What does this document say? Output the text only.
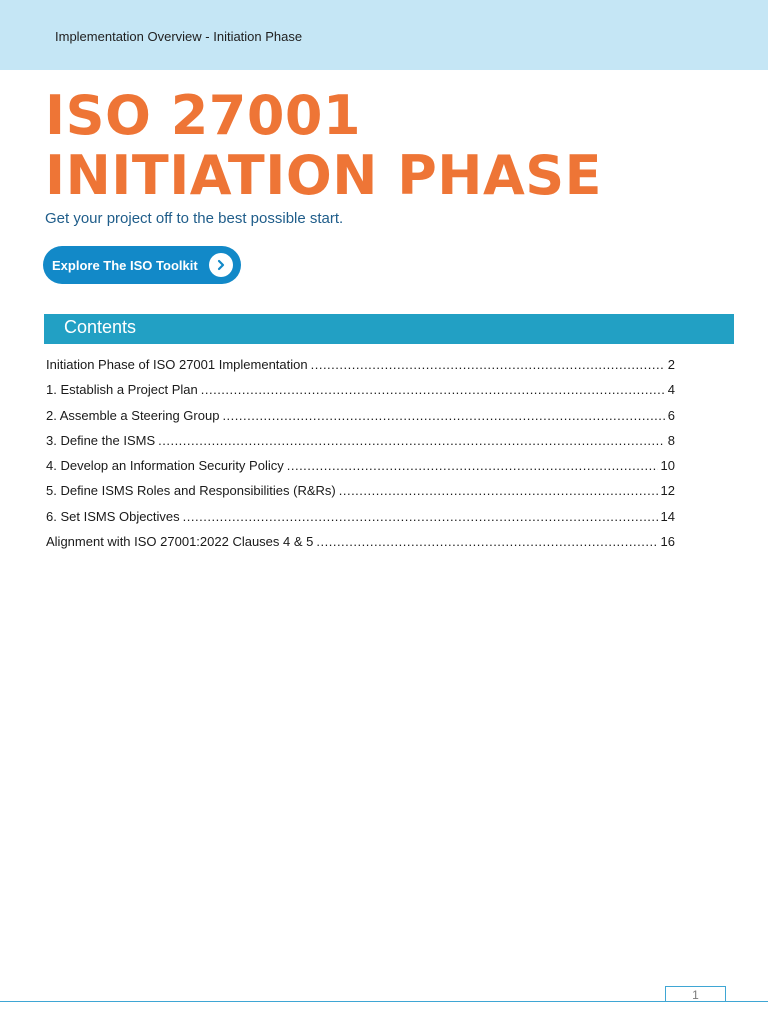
Implementation Overview - Initiation Phase
ISO 27001
INITIATION PHASE
Get your project off to the best possible start.
Explore The ISO Toolkit
Contents
Initiation Phase of ISO 27001 Implementation .....	2
1. Establish a Project Plan .....	4
2. Assemble a Steering Group .....	6
3. Define the ISMS .....	8
4. Develop an Information Security Policy .....	10
5. Define ISMS Roles and Responsibilities (R&Rs) .....	12
6. Set ISMS Objectives .....	14
Alignment with ISO 27001:2022 Clauses 4 & 5 .....	16
1
